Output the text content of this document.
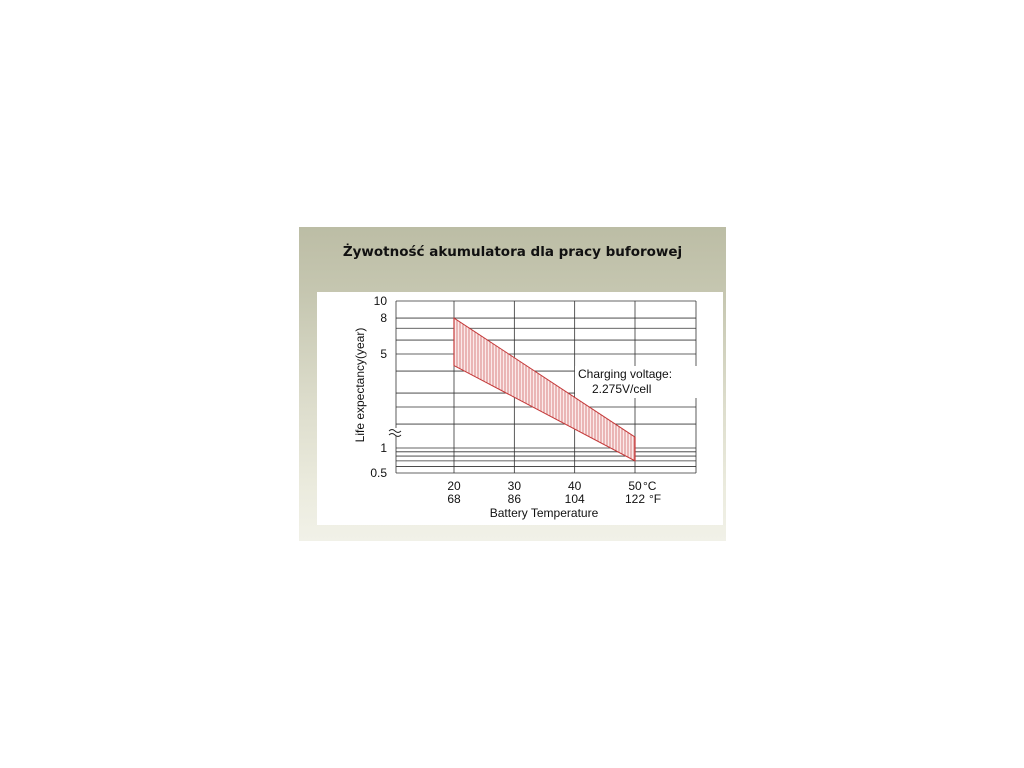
Żywotność akumulatora dla pracy buforowej
10
8
5
1
0.5
20
68
30
86
40
104
50
122
°C
°F
Life expectancy(year)
Battery Temperature
Charging voltage:
2.275V/cell
